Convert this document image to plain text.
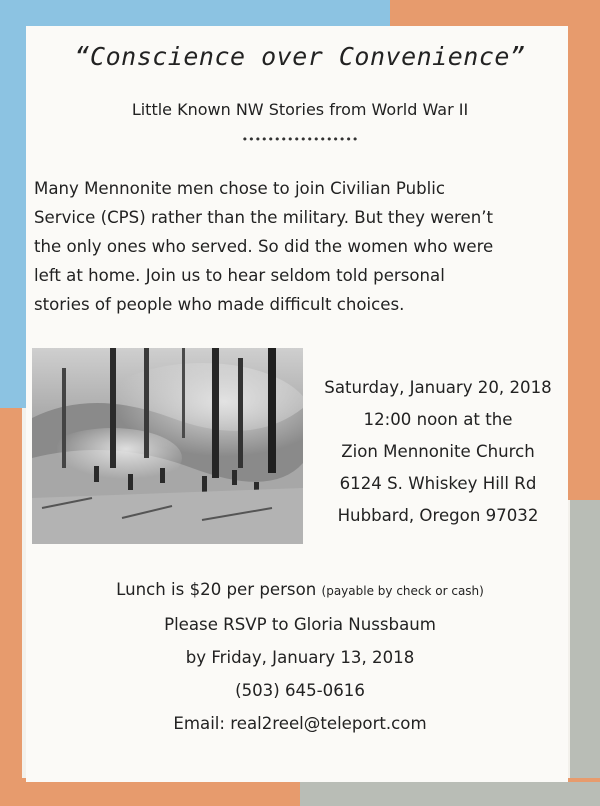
“Conscience over Convenience”
Little Known NW Stories from World War II
••••••••••••••••••
Many Mennonite men chose to join Civilian Public
Service (CPS) rather than the military. But they weren’t
the only ones who served. So did the women who were
left at home. Join us to hear seldom told personal
stories of people who made difficult choices.
Saturday, January 20, 2018
12:00 noon at the
Zion Mennonite Church
6124 S. Whiskey Hill Rd
Hubbard, Oregon 97032
Lunch is $20 per person (payable by check or cash)
Please RSVP to Gloria Nussbaum
by Friday, January 13, 2018
(503) 645-0616
Email: real2reel@teleport.com
